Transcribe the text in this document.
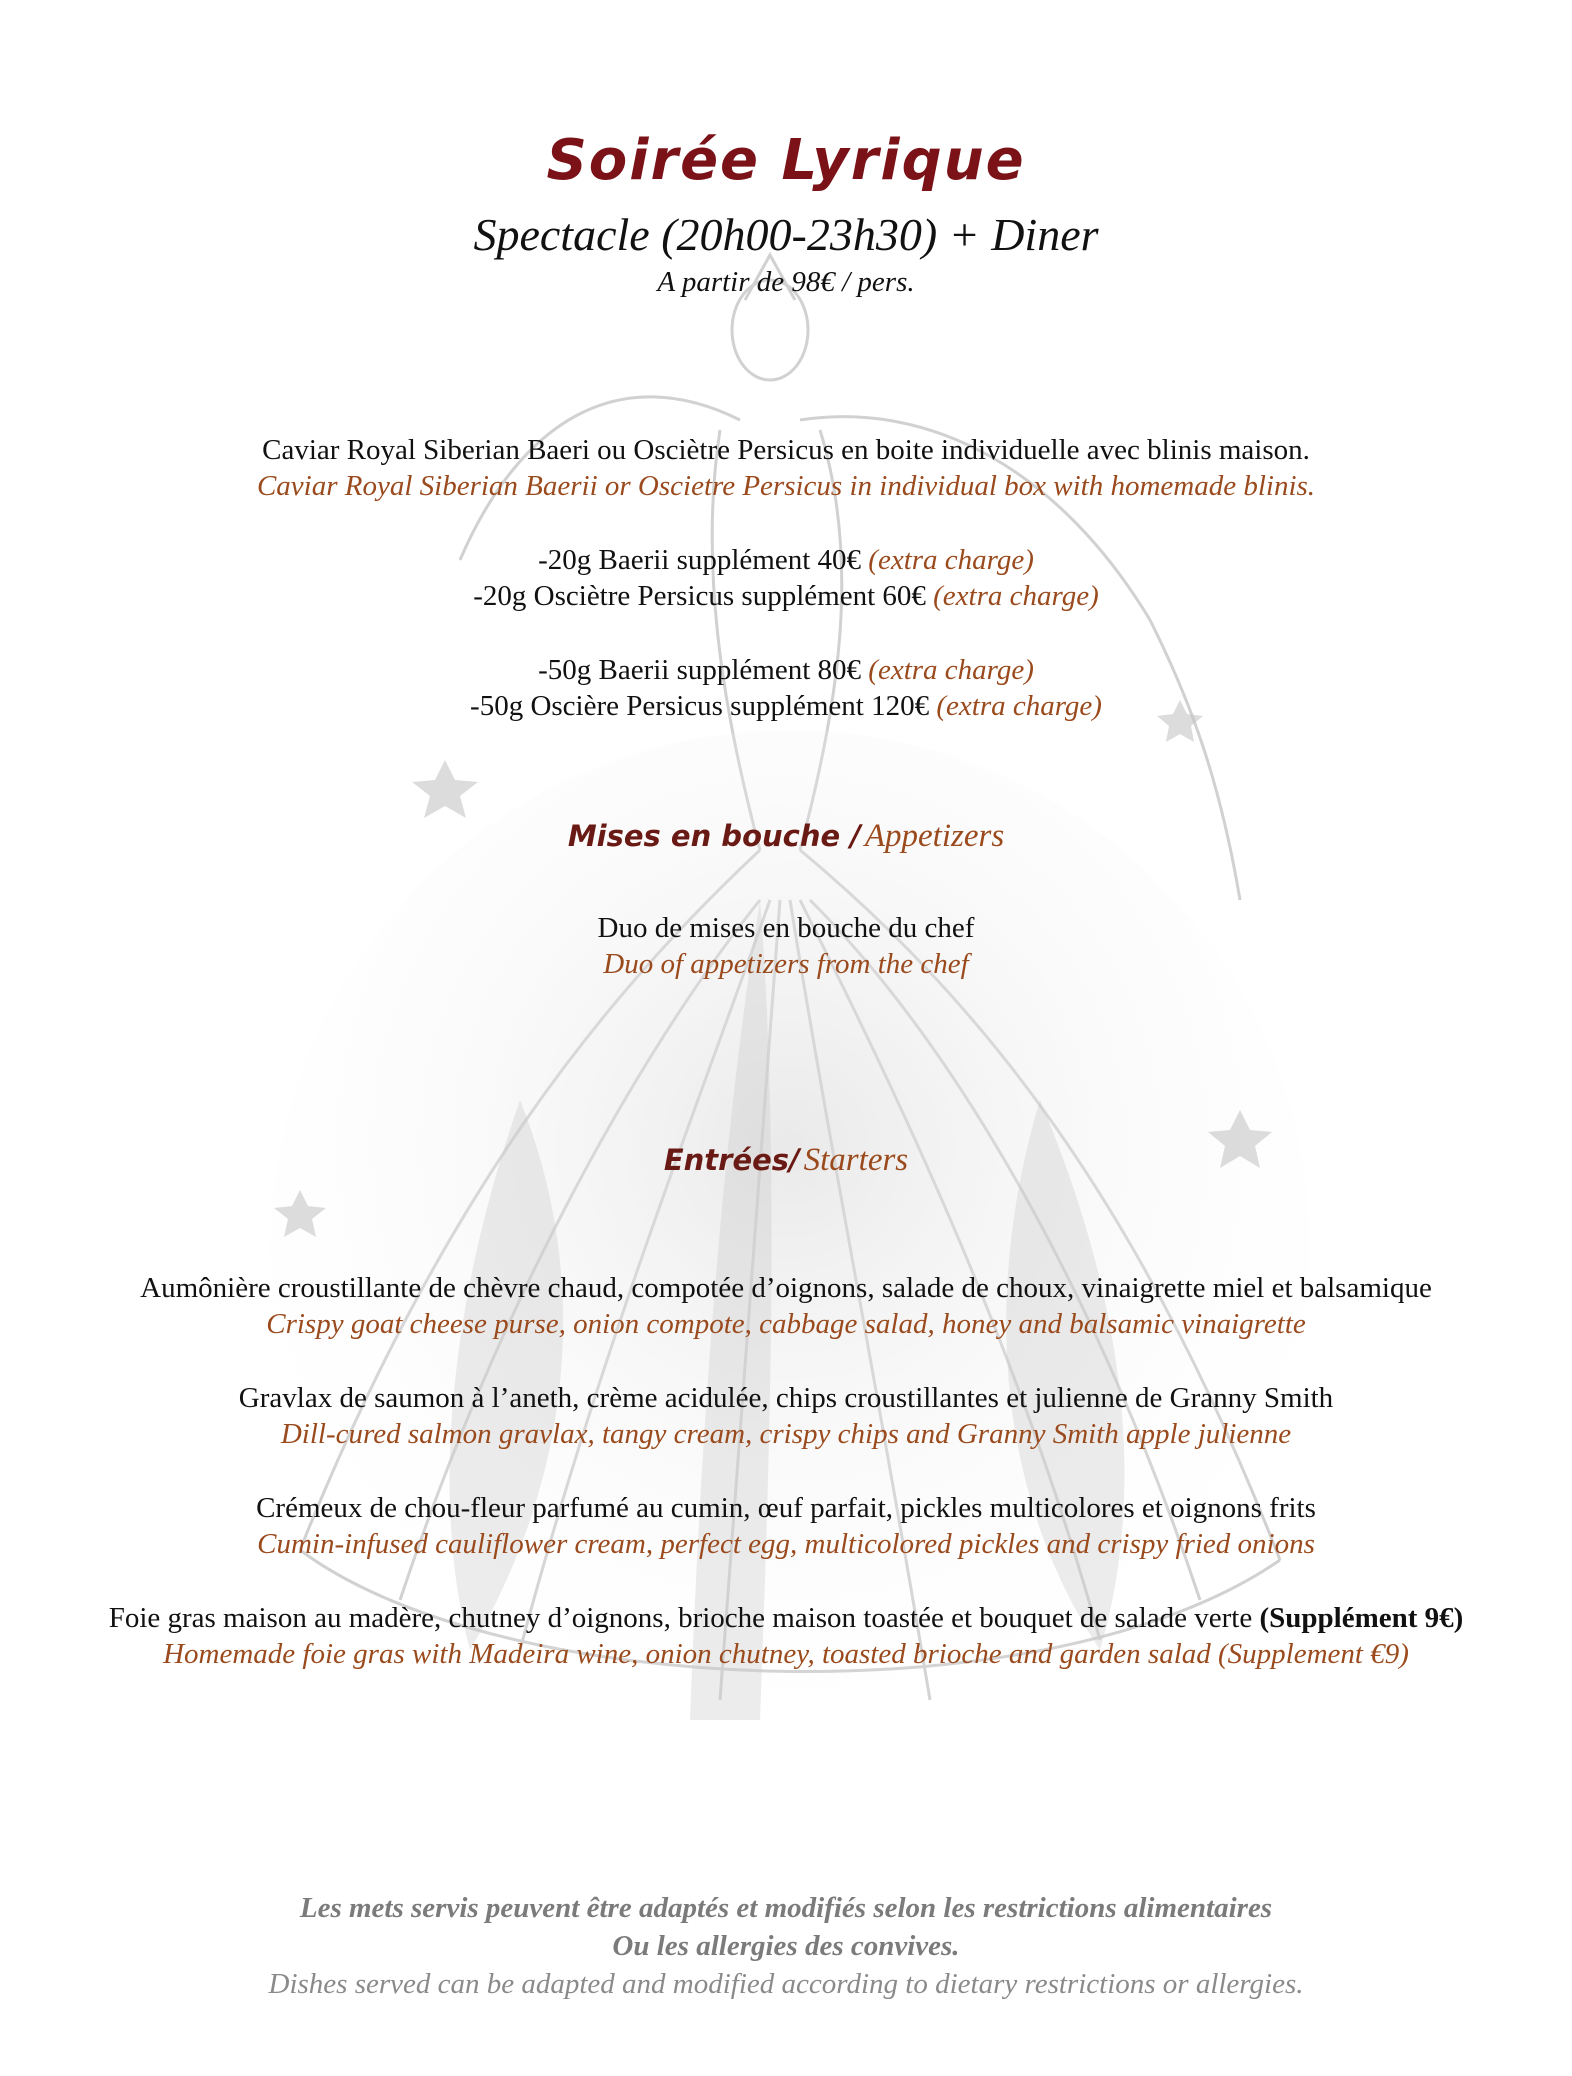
Soirée Lyrique
Spectacle (20h00-23h30) + Diner
A partir de 98€ / pers.
Caviar Royal Siberian Baeri ou Osciètre Persicus en boite individuelle avec blinis maison.
Caviar Royal Siberian Baerii or Oscietre Persicus in individual box with homemade blinis.
-20g Baerii supplément 40€ (extra charge)
-20g Osciètre Persicus supplément 60€ (extra charge)
-50g Baerii supplément 80€ (extra charge)
-50g Oscière Persicus supplément 120€ (extra charge)
Mises en bouche / Appetizers
Duo de mises en bouche du chef
Duo of appetizers from the chef
Entrées/ Starters
Aumônière croustillante de chèvre chaud, compotée d’oignons, salade de choux, vinaigrette miel et balsamique
Crispy goat cheese purse, onion compote, cabbage salad, honey and balsamic vinaigrette
Gravlax de saumon à l’aneth, crème acidulée, chips croustillantes et julienne de Granny Smith
Dill-cured salmon gravlax, tangy cream, crispy chips and Granny Smith apple julienne
Crémeux de chou-fleur parfumé au cumin, œuf parfait, pickles multicolores et oignons frits
Cumin-infused cauliflower cream, perfect egg, multicolored pickles and crispy fried onions
Foie gras maison au madère, chutney d’oignons, brioche maison toastée et bouquet de salade verte (Supplément 9€)
Homemade foie gras with Madeira wine, onion chutney, toasted brioche and garden salad (Supplement €9)
Les mets servis peuvent être adaptés et modifiés selon les restrictions alimentaires
Ou les allergies des convives.
Dishes served can be adapted and modified according to dietary restrictions or allergies.
